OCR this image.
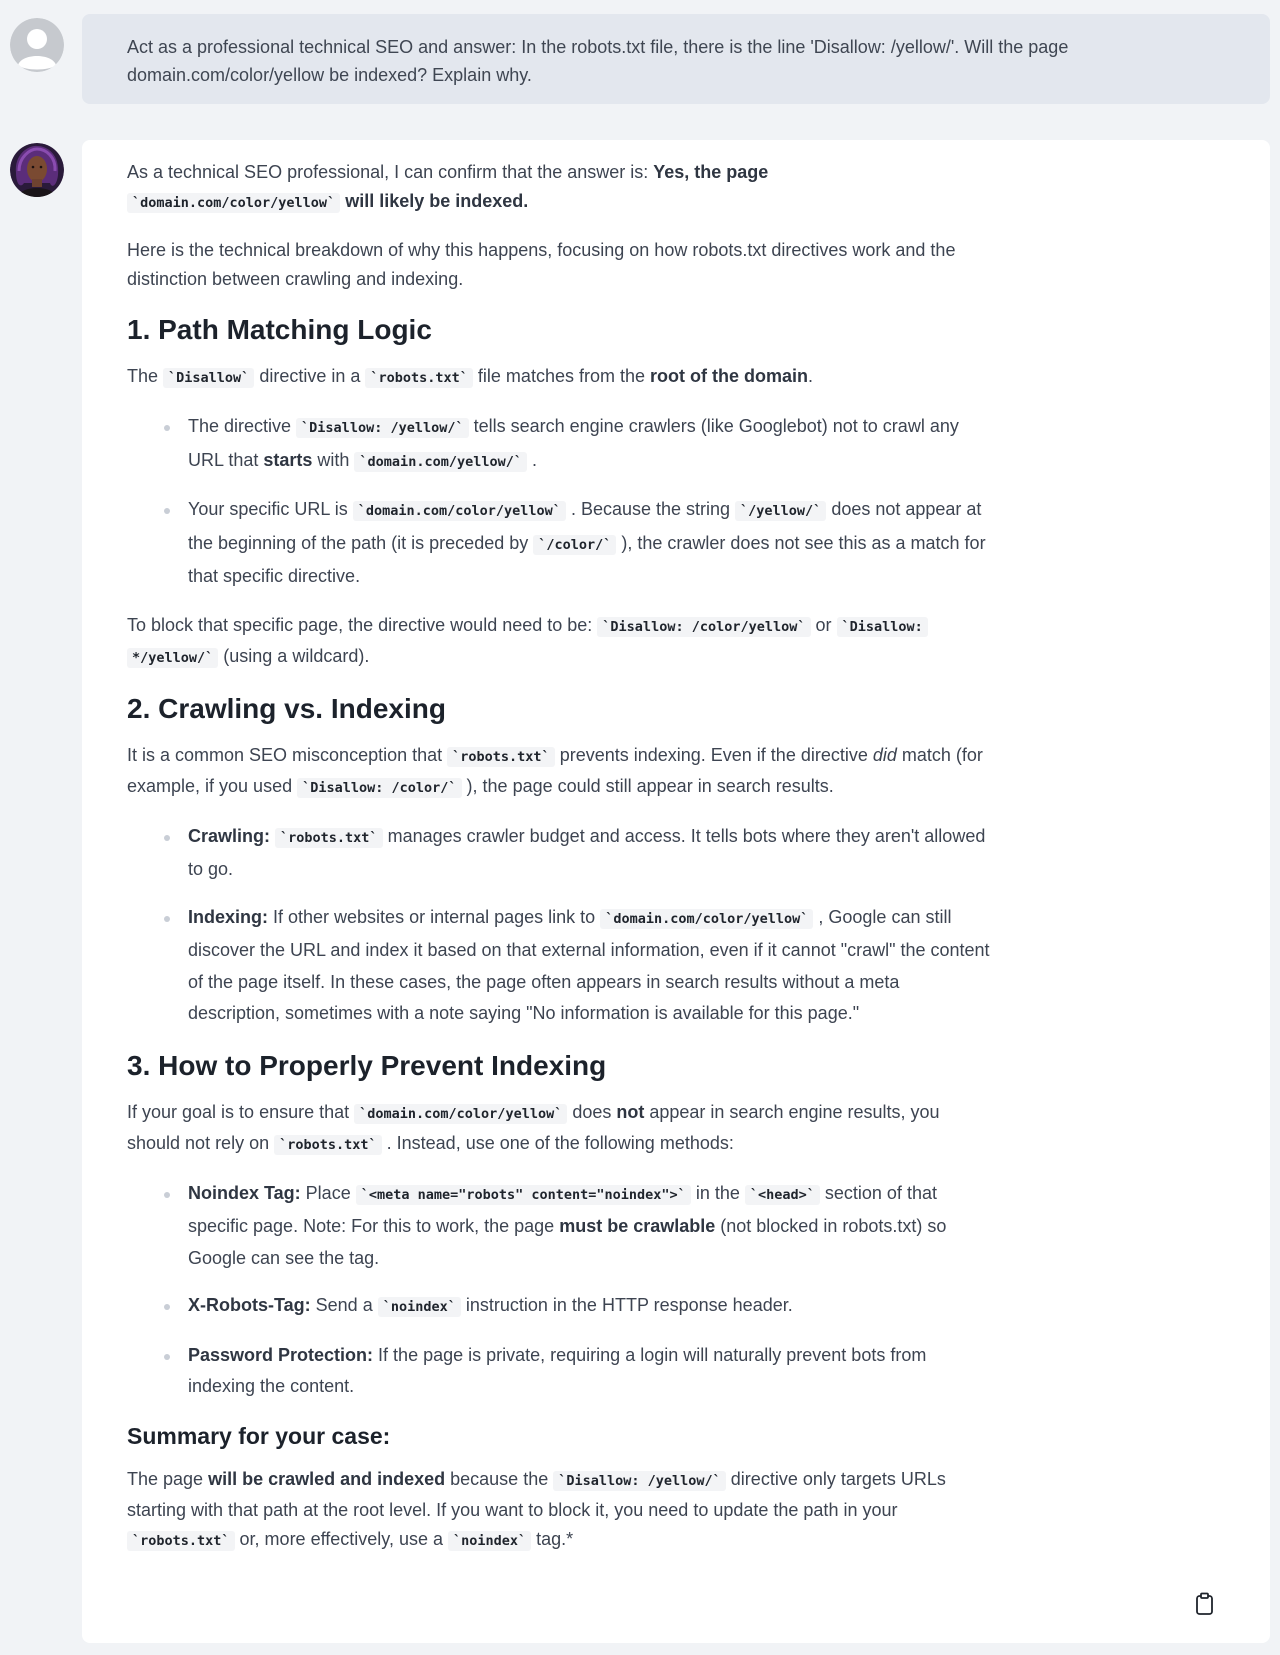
Act as a professional technical SEO and answer: In the robots.txt file, there is the line 'Disallow: /yellow/'. Will the page domain.com/color/yellow be indexed? Explain why.

As a technical SEO professional, I can confirm that the answer is: Yes, the page
`domain.com/color/yellow` will likely be indexed.

Here is the technical breakdown of why this happens, focusing on how robots.txt directives work and the distinction between crawling and indexing.

1. Path Matching Logic

The `Disallow` directive in a `robots.txt` file matches from the root of the domain.

The directive `Disallow: /yellow/` tells search engine crawlers (like Googlebot) not to crawl any URL that starts with `domain.com/yellow/` .
Your specific URL is `domain.com/color/yellow` . Because the string `/yellow/` does not appear at the beginning of the path (it is preceded by `/color/` ), the crawler does not see this as a match for that specific directive.

To block that specific page, the directive would need to be: `Disallow: /color/yellow` or `Disallow:
*/yellow/` (using a wildcard).

2. Crawling vs. Indexing

It is a common SEO misconception that `robots.txt` prevents indexing. Even if the directive did match (for example, if you used `Disallow: /color/` ), the page could still appear in search results.

Crawling: `robots.txt` manages crawler budget and access. It tells bots where they aren't allowed to go.
Indexing: If other websites or internal pages link to `domain.com/color/yellow` , Google can still discover the URL and index it based on that external information, even if it cannot "crawl" the content of the page itself. In these cases, the page often appears in search results without a meta description, sometimes with a note saying "No information is available for this page."
3. How to Properly Prevent Indexing

If your goal is to ensure that `domain.com/color/yellow` does not appear in search engine results, you should not rely on `robots.txt` . Instead, use one of the following methods:

Noindex Tag: Place `<meta name="robots" content="noindex">` in the `<head>` section of that specific page. Note: For this to work, the page must be crawlable (not blocked in robots.txt) so Google can see the tag.
X-Robots-Tag: Send a `noindex` instruction in the HTTP response header.
Password Protection: If the page is private, requiring a login will naturally prevent bots from indexing the content.
Summary for your case:

The page will be crawled and indexed because the `Disallow: /yellow/` directive only targets URLs starting with that path at the root level. If you want to block it, you need to update the path in your `robots.txt` or, more effectively, use a `noindex` tag.*
